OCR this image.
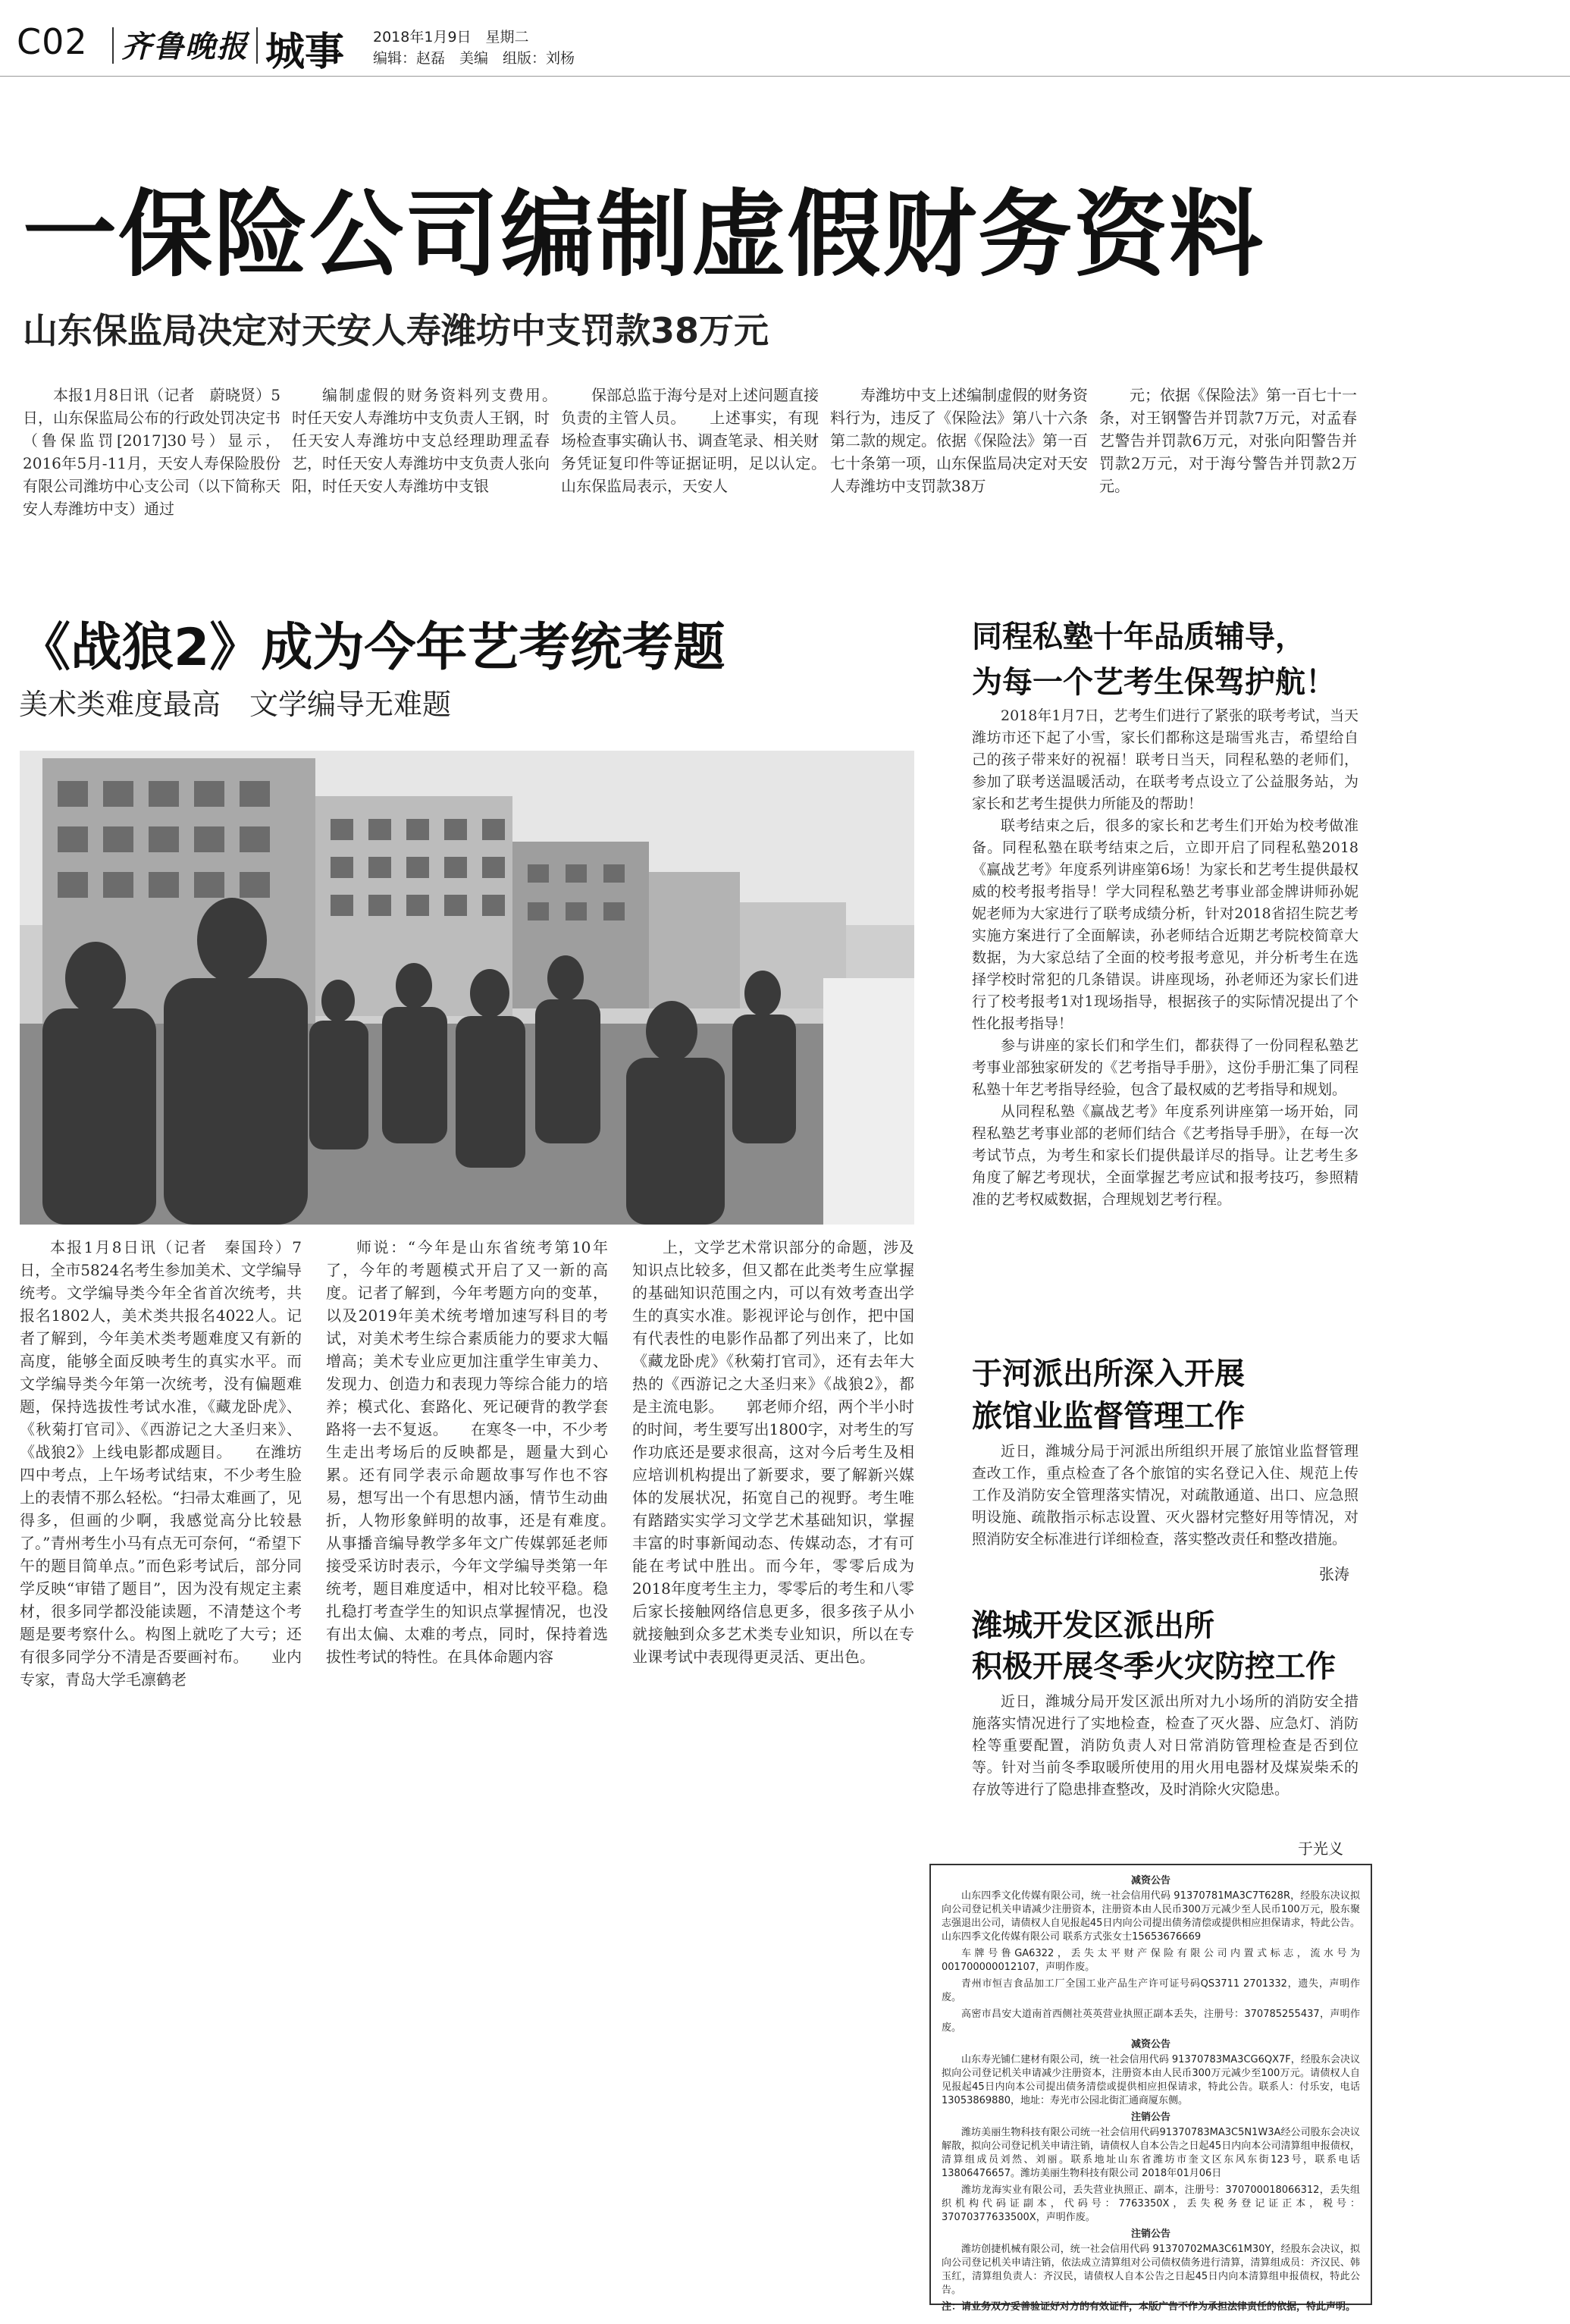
C02 齐鲁晚报 城事 2018年1月9日　星期二
编辑：赵磊　美编　组版：刘杨
一保险公司编制虚假财务资料
山东保监局决定对天安人寿潍坊中支罚款38万元

本报1月8日讯（记者　蔚晓贤）5日，山东保监局公布的行政处罚决定书（鲁保监罚[2017]30号）显示，2016年5月-11月，天安人寿保险股份有限公司潍坊中心支公司（以下简称天安人寿潍坊中支）通过

编制虚假的财务资料列支费用。　　时任天安人寿潍坊中支负责人王钢，时任天安人寿潍坊中支总经理助理孟春艺，时任天安人寿潍坊中支负责人张向阳，时任天安人寿潍坊中支银

保部总监于海兮是对上述问题直接负责的主管人员。　　上述事实，有现场检查事实确认书、调查笔录、相关财务凭证复印件等证据证明，足以认定。　　山东保监局表示，天安人

寿潍坊中支上述编制虚假的财务资料行为，违反了《保险法》第八十六条第二款的规定。依据《保险法》第一百七十条第一项，山东保监局决定对天安人寿潍坊中支罚款38万

元；依据《保险法》第一百七十一条，对王钢警告并罚款7万元，对孟春艺警告并罚款6万元，对张向阳警告并罚款2万元，对于海兮警告并罚款2万元。

《战狼2》成为今年艺考统考题
美术类难度最高　文学编导无难题

本报1月8日讯（记者　秦国玲）7日，全市5824名考生参加美术、文学编导统考。文学编导类今年全省首次统考，共报名1802人，美术类共报名4022人。记者了解到，今年美术类考题难度又有新的高度，能够全面反映考生的真实水平。而文学编导类今年第一次统考，没有偏题难题，保持选拔性考试水准，《藏龙卧虎》、《秋菊打官司》、《西游记之大圣归来》、《战狼2》上线电影都成题目。　　在潍坊四中考点，上午场考试结束，不少考生脸上的表情不那么轻松。“扫帚太难画了，见得多，但画的少啊，我感觉高分比较悬了。”青州考生小马有点无可奈何，“希望下午的题目简单点。”而色彩考试后，部分同学反映“审错了题目”，因为没有规定主素材，很多同学都没能读题，不清楚这个考题是要考察什么。构图上就吃了大亏；还有很多同学分不清是否要画衬布。　　业内专家，青岛大学毛凛鹤老

师说：“今年是山东省统考第10年了，今年的考题模式开启了又一新的高度。记者了解到，今年考题方向的变革，以及2019年美术统考增加速写科目的考试，对美术考生综合素质能力的要求大幅增高；美术专业应更加注重学生审美力、发现力、创造力和表现力等综合能力的培养；模式化、套路化、死记硬背的教学套路将一去不复返。　　在寒冬一中，不少考生走出考场后的反映都是，题量大到心累。还有同学表示命题故事写作也不容易，想写出一个有思想内涵，情节生动曲折，人物形象鲜明的故事，还是有难度。　　从事播音编导教学多年文广传媒郭延老师接受采访时表示，今年文学编导类第一年统考，题目难度适中，相对比较平稳。稳扎稳打考查学生的知识点掌握情况，也没有出太偏、太难的考点，同时，保持着选拔性考试的特性。在具体命题内容

上，文学艺术常识部分的命题，涉及知识点比较多，但又都在此类考生应掌握的基础知识范围之内，可以有效考查出学生的真实水准。影视评论与创作，把中国有代表性的电影作品都了列出来了，比如《藏龙卧虎》《秋菊打官司》，还有去年大热的《西游记之大圣归来》《战狼2》，都是主流电影。　　郭老师介绍，两个半小时的时间，考生要写出1800字，对考生的写作功底还是要求很高，这对今后考生及相应培训机构提出了新要求，要了解新兴媒体的发展状况，拓宽自己的视野。考生唯有踏踏实实学习文学艺术基础知识，掌握丰富的时事新闻动态、传媒动态，才有可能在考试中胜出。而今年，零零后成为2018年度考生主力，零零后的考生和八零后家长接触网络信息更多，很多孩子从小就接触到众多艺术类专业知识，所以在专业课考试中表现得更灵活、更出色。

同程私塾十年品质辅导，
为每一个艺考生保驾护航！

2018年1月7日，艺考生们进行了紧张的联考考试，当天潍坊市还下起了小雪，家长们都称这是瑞雪兆吉，希望给自己的孩子带来好的祝福！联考日当天，同程私塾的老师们，参加了联考送温暖活动，在联考考点设立了公益服务站，为家长和艺考生提供力所能及的帮助！

联考结束之后，很多的家长和艺考生们开始为校考做准备。同程私塾在联考结束之后，立即开启了同程私塾2018《赢战艺考》年度系列讲座第6场！为家长和艺考生提供最权威的校考报考指导！学大同程私塾艺考事业部金牌讲师孙妮妮老师为大家进行了联考成绩分析，针对2018省招生院艺考实施方案进行了全面解读，孙老师结合近期艺考院校简章大数据，为大家总结了全面的校考报考意见，并分析考生在选择学校时常犯的几条错误。讲座现场，孙老师还为家长们进行了校考报考1对1现场指导，根据孩子的实际情况提出了个性化报考指导！

参与讲座的家长们和学生们，都获得了一份同程私塾艺考事业部独家研发的《艺考指导手册》，这份手册汇集了同程私塾十年艺考指导经验，包含了最权威的艺考指导和规划。

从同程私塾《赢战艺考》年度系列讲座第一场开始，同程私塾艺考事业部的老师们结合《艺考指导手册》，在每一次考试节点，为考生和家长们提供最详尽的指导。让艺考生多角度了解艺考现状，全面掌握艺考应试和报考技巧，参照精准的艺考权威数据，合理规划艺考行程。

于河派出所深入开展
旅馆业监督管理工作

近日，潍城分局于河派出所组织开展了旅馆业监督管理查改工作，重点检查了各个旅馆的实名登记入住、规范上传工作及消防安全管理落实情况，对疏散通道、出口、应急照明设施、疏散指示标志设置、灭火器材完整好用等情况，对照消防安全标准进行详细检查，落实整改责任和整改措施。

张涛
潍城开发区派出所
积极开展冬季火灾防控工作

近日，潍城分局开发区派出所对九小场所的消防安全措施落实情况进行了实地检查，检查了灭火器、应急灯、消防栓等重要配置，消防负责人对日常消防管理检查是否到位等。针对当前冬季取暖所使用的用火用电器材及煤炭柴禾的存放等进行了隐患排查整改，及时消除火灾隐患。

于光义
减资公告

山东四季文化传媒有限公司，统一社会信用代码 91370781MA3C7T628R，经股东决议拟向公司登记机关申请减少注册资本，注册资本由人民币300万元减少至人民币100万元，股东聚志强退出公司，请债权人自见报起45日内向公司提出债务清偿或提供相应担保请求，特此公告。山东四季文化传媒有限公司 联系方式张女士15653676669

车牌号鲁GA6322，丢失太平财产保险有限公司内置式标志，流水号为001700000012107，声明作废。

青州市恒吉食品加工厂全国工业产品生产许可证号码QS3711 2701332，遗失，声明作废。

高密市昌安大道南首西侧社英英营业执照正副本丢失，注册号：370785255437，声明作废。

减资公告

山东寿光铺仁建材有限公司，统一社会信用代码 91370783MA3CG6QX7F，经股东会决议拟向公司登记机关申请减少注册资本，注册资本由人民币300万元减少至100万元。请债权人自见报起45日内向本公司提出债务清偿或提供相应担保请求，特此公告。联系人：付乐安，电话13053869880，地址：寿光市公园北街汇通商厦东侧。

注销公告

潍坊美丽生物科技有限公司统一社会信用代码91370783MA3C5N1W3A经公司股东会决议解散，拟向公司登记机关申请注销，请债权人自本公告之日起45日内向本公司清算组申报债权，清算组成员刘然、刘丽。联系地址山东省潍坊市奎文区东风东街123号，联系电话13806476657。潍坊美丽生物科技有限公司 2018年01月06日

潍坊龙海实业有限公司，丢失营业执照正、副本，注册号：370700018066312，丢失组织机构代码证副本，代码号：7763350X，丢失税务登记证正本，税号：37070377633500X，声明作废。

注销公告

潍坊创捷机械有限公司，统一社会信用代码 91370702MA3C61M30Y，经股东会决议，拟向公司登记机关申请注销，依法成立清算组对公司债权债务进行清算，清算组成员：齐汉民、韩玉红，清算组负责人：齐汉民，请债权人自本公告之日起45日内向本清算组申报债权，特此公告。

注：请业务双方妥善验证好对方的有效证件，本版广告不作为承担法律责任的依据，特此声明。
